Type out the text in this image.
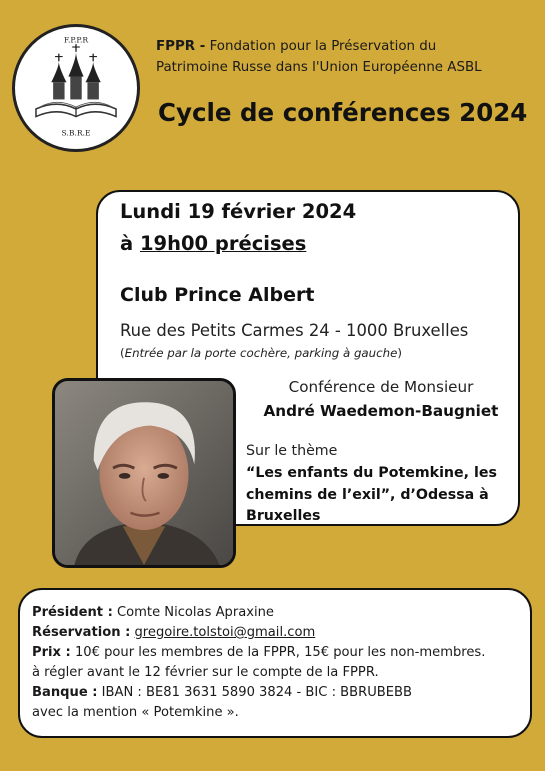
F.P.P.R
S.B.R.E
FPPR - Fondation pour la Préservation du
Patrimoine Russe dans l'Union Européenne ASBL
Cycle de conférences 2024
Lundi 19 février 2024
à 19h00 précises
Club Prince Albert
Rue des Petits Carmes 24 - 1000 Bruxelles
(Entrée par la porte cochère, parking à gauche)
Conférence de Monsieur
André Waedemon-Baugniet
Sur le thème
“Les enfants du Potemkine, les chemins de l’exil”, d’Odessa à Bruxelles
Président : Comte Nicolas Apraxine
Réservation : gregoire.tolstoi@gmail.com
Prix : 10€ pour les membres de la FPPR, 15€ pour les non-membres.
à régler avant le 12 février sur le compte de la FPPR.
Banque : IBAN : BE81 3631 5890 3824 - BIC : BBRUBEBB
avec la mention « Potemkine ».
